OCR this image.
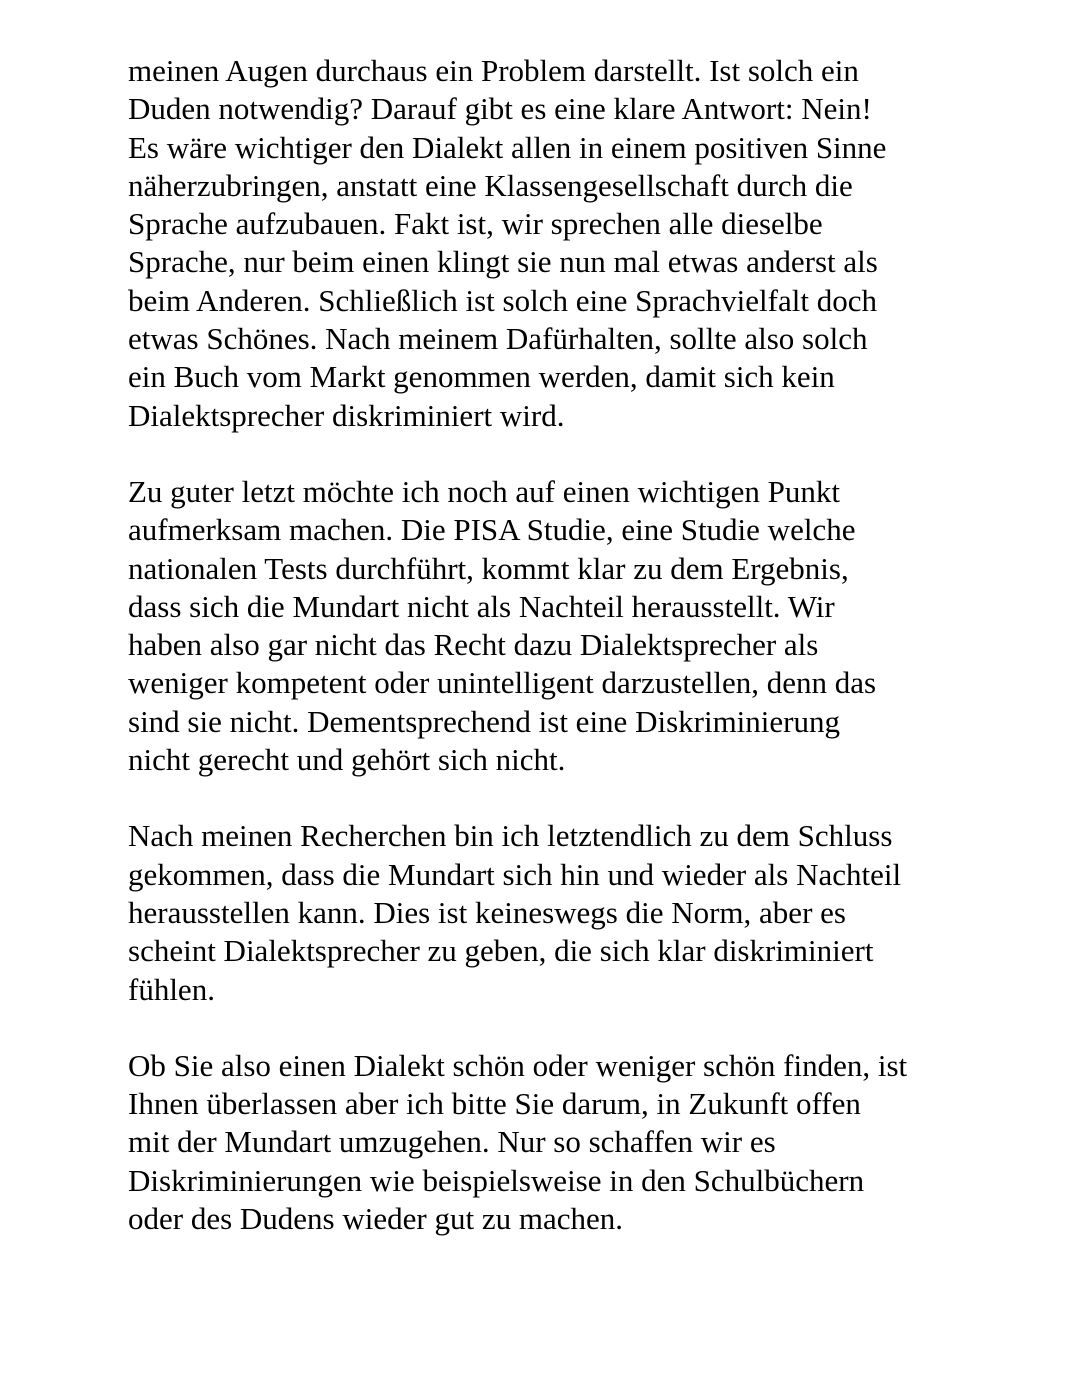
meinen Augen durchaus ein Problem darstellt. Ist solch ein
Duden notwendig? Darauf gibt es eine klare Antwort: Nein!
Es wäre wichtiger den Dialekt allen in einem positiven Sinne
näherzubringen, anstatt eine Klassengesellschaft durch die
Sprache aufzubauen. Fakt ist, wir sprechen alle dieselbe
Sprache, nur beim einen klingt sie nun mal etwas anderst als
beim Anderen. Schließlich ist solch eine Sprachvielfalt doch
etwas Schönes. Nach meinem Dafürhalten, sollte also solch
ein Buch vom Markt genommen werden, damit sich kein
Dialektsprecher diskriminiert wird.

Zu guter letzt möchte ich noch auf einen wichtigen Punkt
aufmerksam machen. Die PISA Studie, eine Studie welche
nationalen Tests durchführt, kommt klar zu dem Ergebnis,
dass sich die Mundart nicht als Nachteil herausstellt. Wir
haben also gar nicht das Recht dazu Dialektsprecher als
weniger kompetent oder unintelligent darzustellen, denn das
sind sie nicht. Dementsprechend ist eine Diskriminierung
nicht gerecht und gehört sich nicht.

Nach meinen Recherchen bin ich letztendlich zu dem Schluss
gekommen, dass die Mundart sich hin und wieder als Nachteil
herausstellen kann. Dies ist keineswegs die Norm, aber es
scheint Dialektsprecher zu geben, die sich klar diskriminiert
fühlen.

Ob Sie also einen Dialekt schön oder weniger schön finden, ist
Ihnen überlassen aber ich bitte Sie darum, in Zukunft offen
mit der Mundart umzugehen. Nur so schaffen wir es
Diskriminierungen wie beispielsweise in den Schulbüchern
oder des Dudens wieder gut zu machen.
